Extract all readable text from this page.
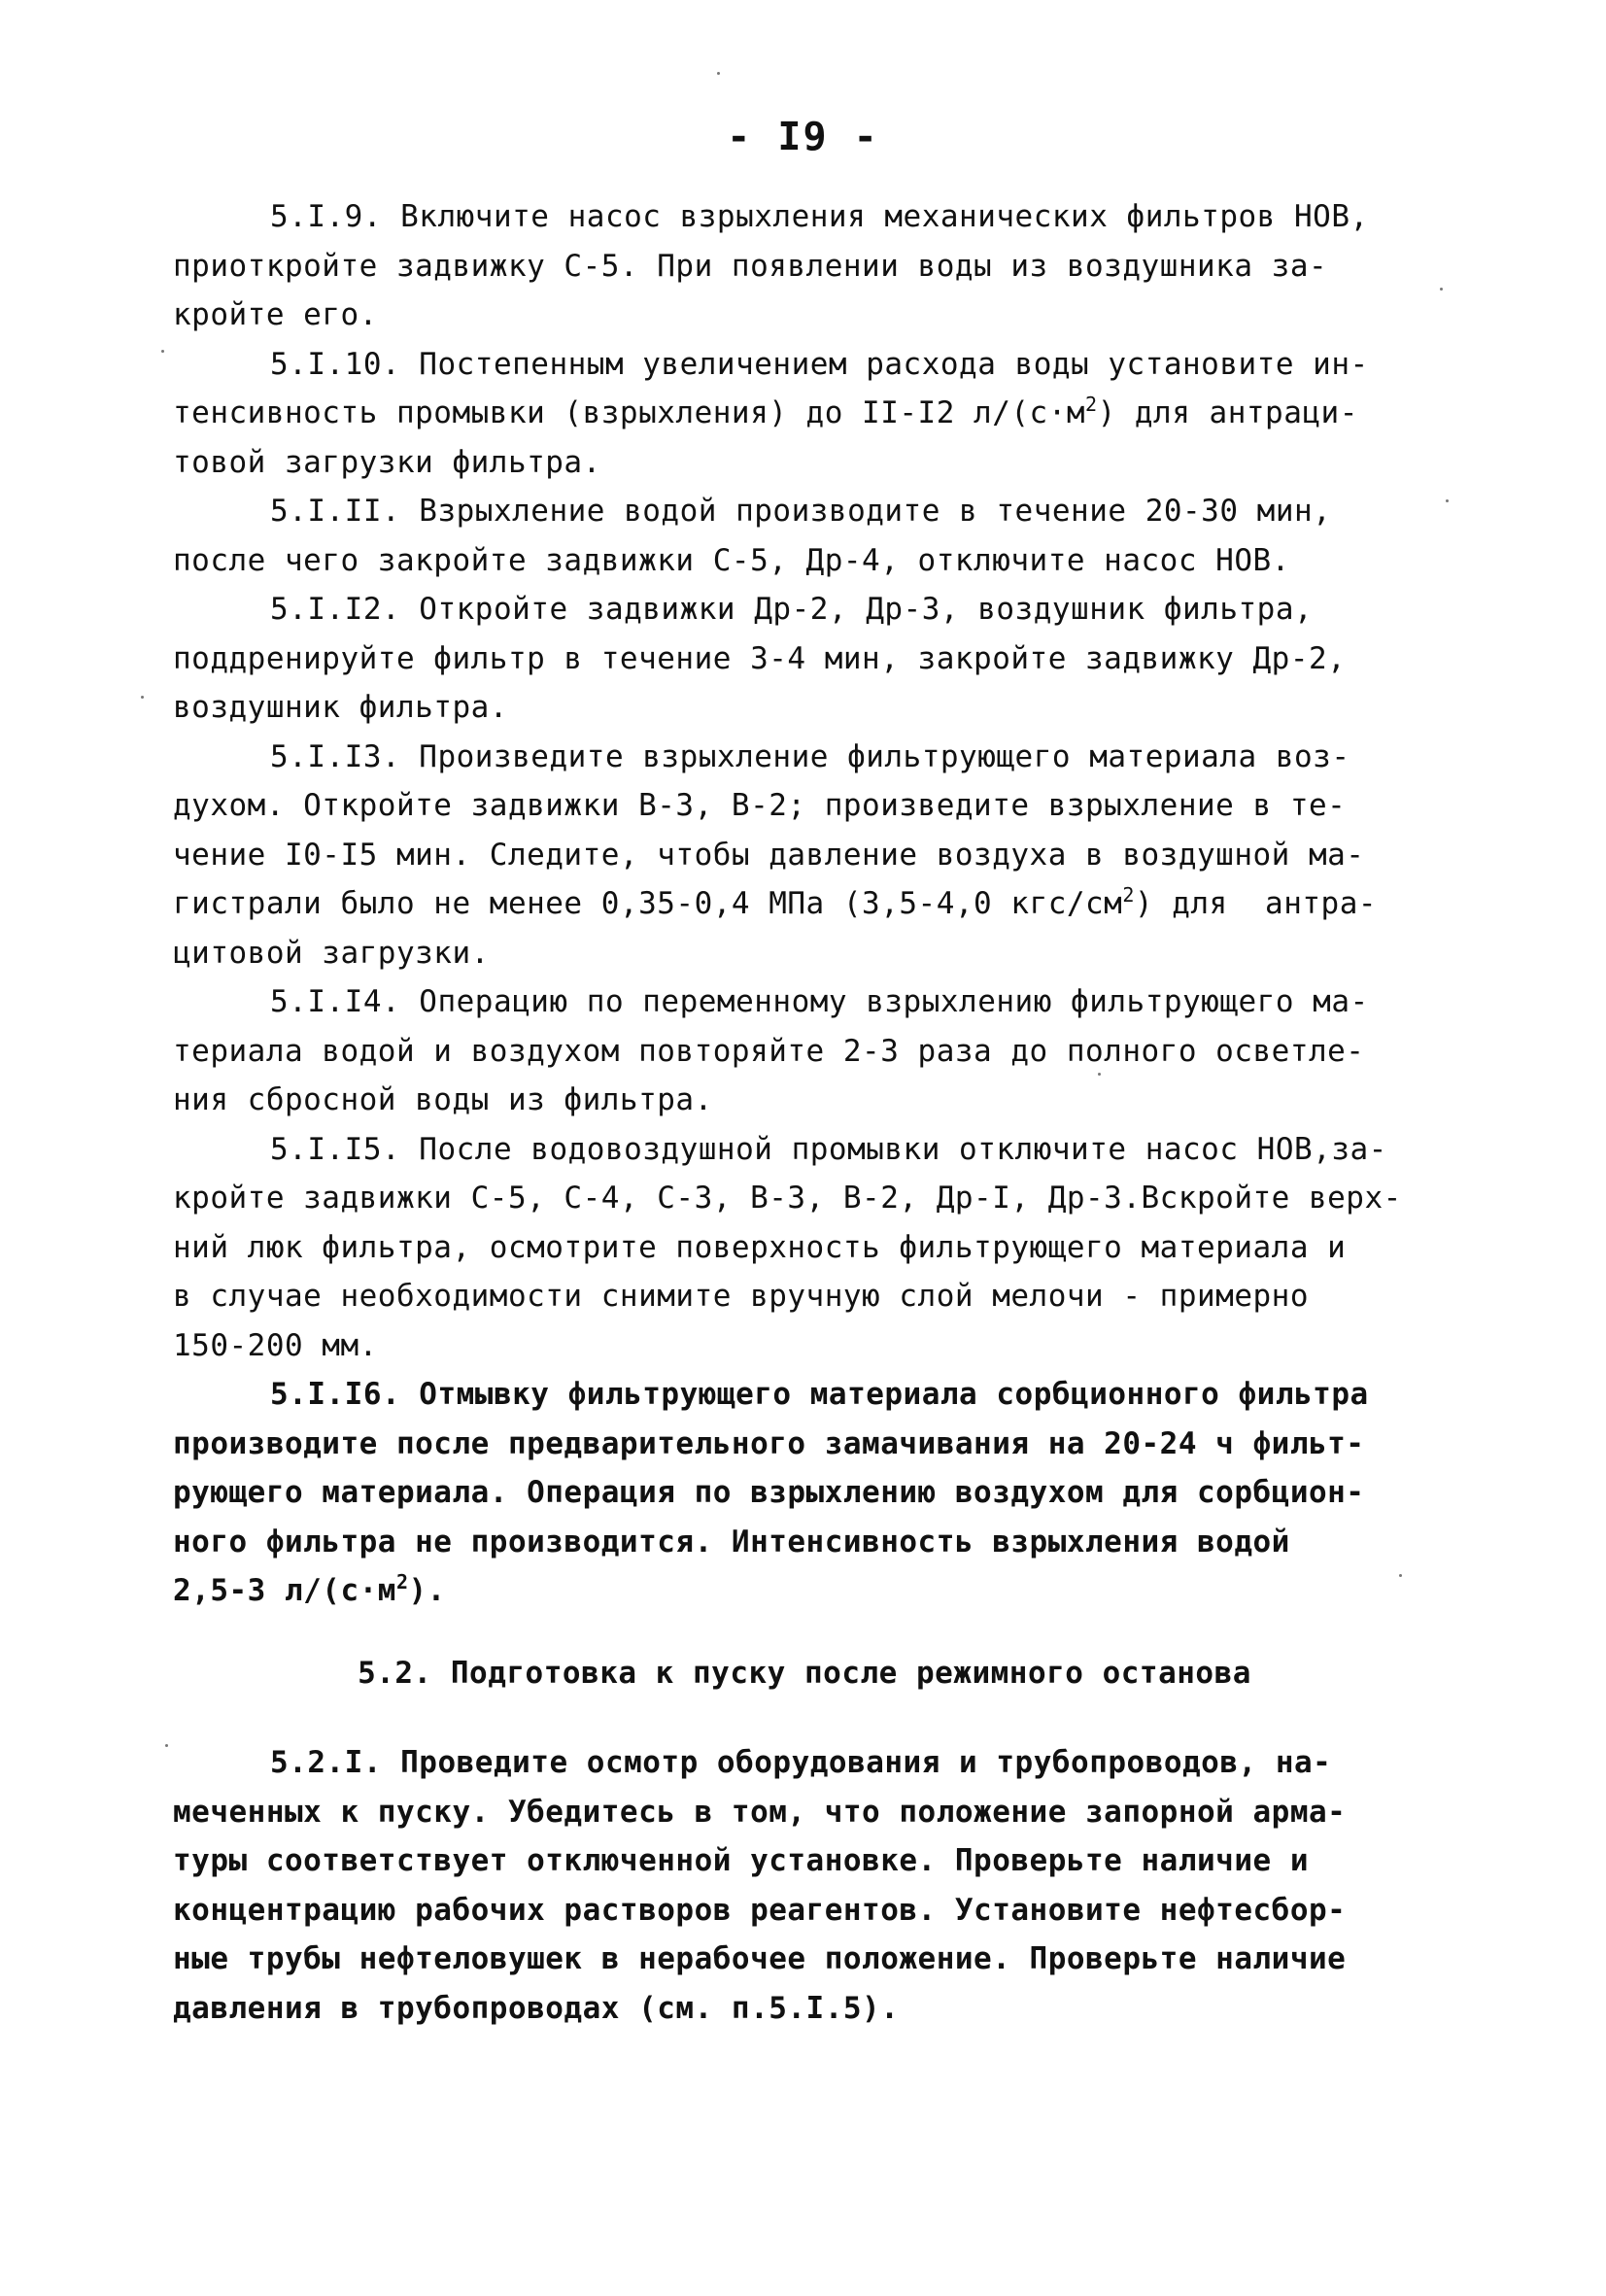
- I9 -
5.I.9. Включите насос взрыхления механических фильтров НОВ,
приоткройте задвижку С-5. При появлении воды из воздушника за-
кройте его.
5.I.10. Постепенным увеличением расхода воды установите ин-
тенсивность промывки (взрыхления) до II-I2 $л/(с\cdot м^2)$ для антраци-
товой загрузки фильтра.
5.I.II. Взрыхление водой производите в течение 20-30 мин,
после чего закройте задвижки С-5, Др-4, отключите насос НОВ.
5.I.I2. Откройте задвижки Др-2, Др-3, воздушник фильтра,
поддренируйте фильтр в течение 3-4 мин, закройте задвижку Др-2,
воздушник фильтра.
5.I.I3. Произведите взрыхление фильтрующего материала воз-
духом. Откройте задвижки В-3, В-2; произведите взрыхление в те-
чение I0-I5 мин. Следите, чтобы давление воздуха в воздушной ма-
гистрали было не менее 0,35-0,4 МПа (3,5-4,0 кгс/$см^2$) для  антра-
цитовой загрузки.
5.I.I4. Операцию по переменному взрыхлению фильтрующего ма-
териала водой и воздухом повторяйте 2-3 раза до полного осветле-
ния сбросной воды из фильтра.
5.I.I5. После водовоздушной промывки отключите насос НОВ,за-
кройте задвижки С-5, С-4, С-3, В-3, В-2, Др-I, Др-3.Вскройте верх-
ний люк фильтра, осмотрите поверхность фильтрующего материала и
в случае необходимости снимите вручную слой мелочи - примерно
150-200 мм.
5.I.I6. Отмывку фильтрующего материала сорбционного фильтра
производите после предварительного замачивания на 20-24 ч фильт-
рующего материала. Операция по взрыхлению воздухом для сорбцион-
ного фильтра не производится. Интенсивность взрыхления водой
2,5-3 $л/(с\cdot м^2)$.
5.2. Подготовка к пуску после режимного останова
5.2.I. Проведите осмотр оборудования и трубопроводов, на-
меченных к пуску. Убедитесь в том, что положение запорной арма-
туры соответствует отключенной установке. Проверьте наличие и
концентрацию рабочих растворов реагентов. Установите нефтесбор-
ные трубы нефтеловушек в нерабочее положение. Проверьте наличие
давления в трубопроводах (см. п.5.I.5).
